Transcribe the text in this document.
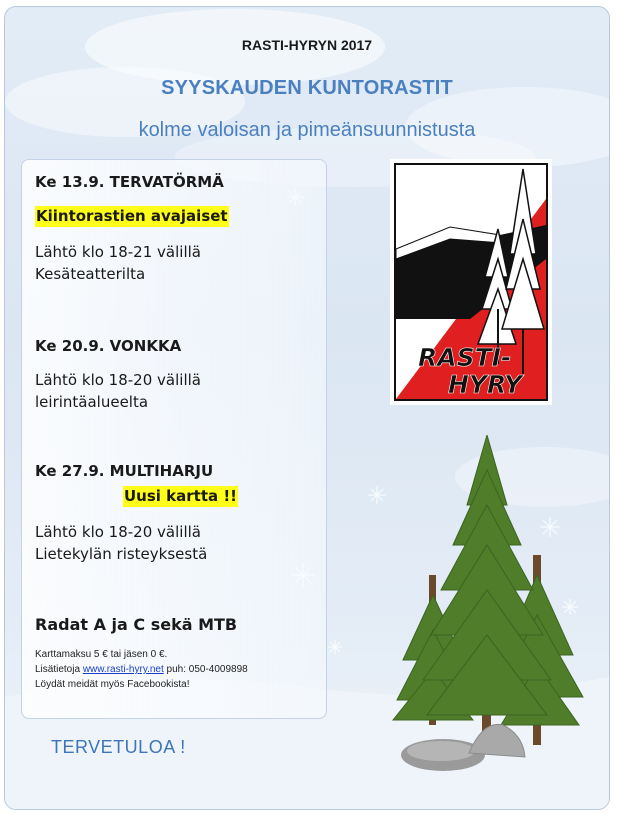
RASTI-HYRYN 2017
SYYSKAUDEN KUNTORASTIT
kolme valoisan ja pimeänsuunnistusta
Ke 13.9. TERVATÖRMÄ
Kiintorastien avajaiset
Lähtö klo 18-21 välillä
Kesäteatterilta
Ke 20.9. VONKKA
Lähtö klo 18-20 välillä
leirintäalueelta
Ke 27.9. MULTIHARJU
Uusi kartta !!
Lähtö klo 18-20 välillä
Lietekylän risteyksestä
Radat A ja C sekä MTB
Karttamaksu 5 € tai jäsen 0 €.
Lisätietoja www.rasti-hyry.net puh: 050-4009898
Löydät meidät myös Facebookista!
TERVETULOA !
RASTI-
HYRY
